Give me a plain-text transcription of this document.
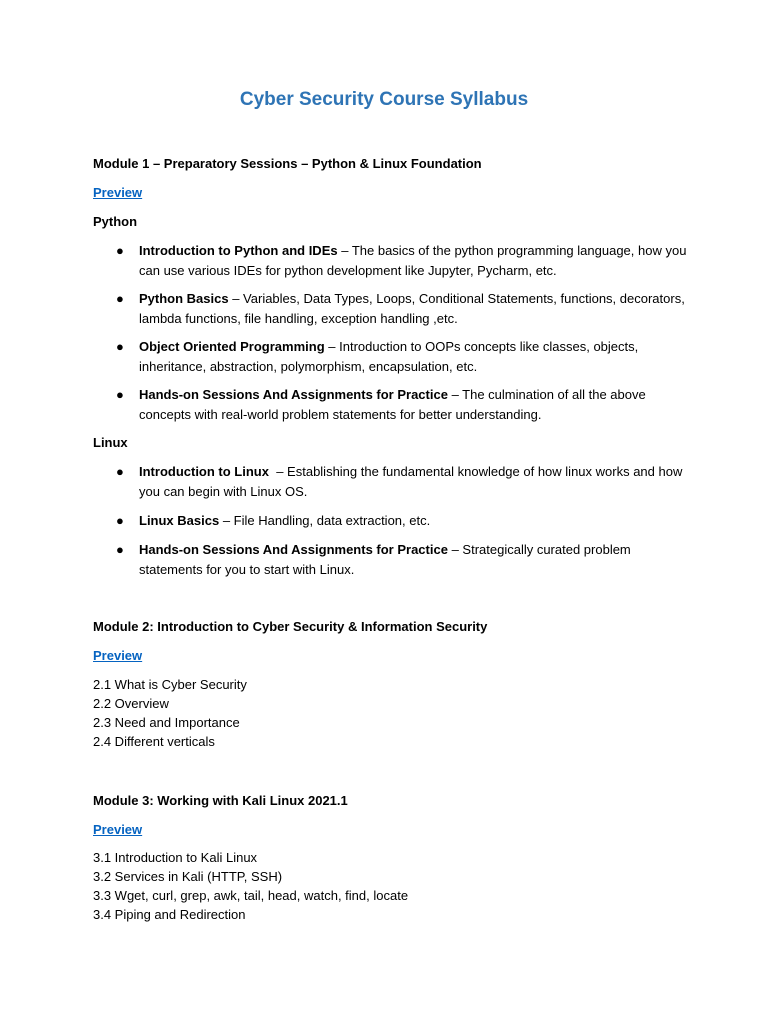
Cyber Security Course Syllabus
Module 1 – Preparatory Sessions – Python & Linux Foundation
Preview
Python
● Introduction to Python and IDEs – The basics of the python programming language, how you can use various IDEs for python development like Jupyter, Pycharm, etc.
● Python Basics – Variables, Data Types, Loops, Conditional Statements, functions, decorators, lambda functions, file handling, exception handling ,etc.
● Object Oriented Programming – Introduction to OOPs concepts like classes, objects, inheritance, abstraction, polymorphism, encapsulation, etc.
● Hands-on Sessions And Assignments for Practice – The culmination of all the above concepts with real-world problem statements for better understanding.
Linux
● Introduction to Linux  – Establishing the fundamental knowledge of how linux works and how you can begin with Linux OS.
● Linux Basics – File Handling, data extraction, etc.
● Hands-on Sessions And Assignments for Practice – Strategically curated problem statements for you to start with Linux.
Module 2: Introduction to Cyber Security & Information Security
Preview
2.1 What is Cyber Security
2.2 Overview
2.3 Need and Importance
2.4 Different verticals
Module 3: Working with Kali Linux 2021.1
Preview
3.1 Introduction to Kali Linux
3.2 Services in Kali (HTTP, SSH)
3.3 Wget, curl, grep, awk, tail, head, watch, find, locate
3.4 Piping and Redirection
